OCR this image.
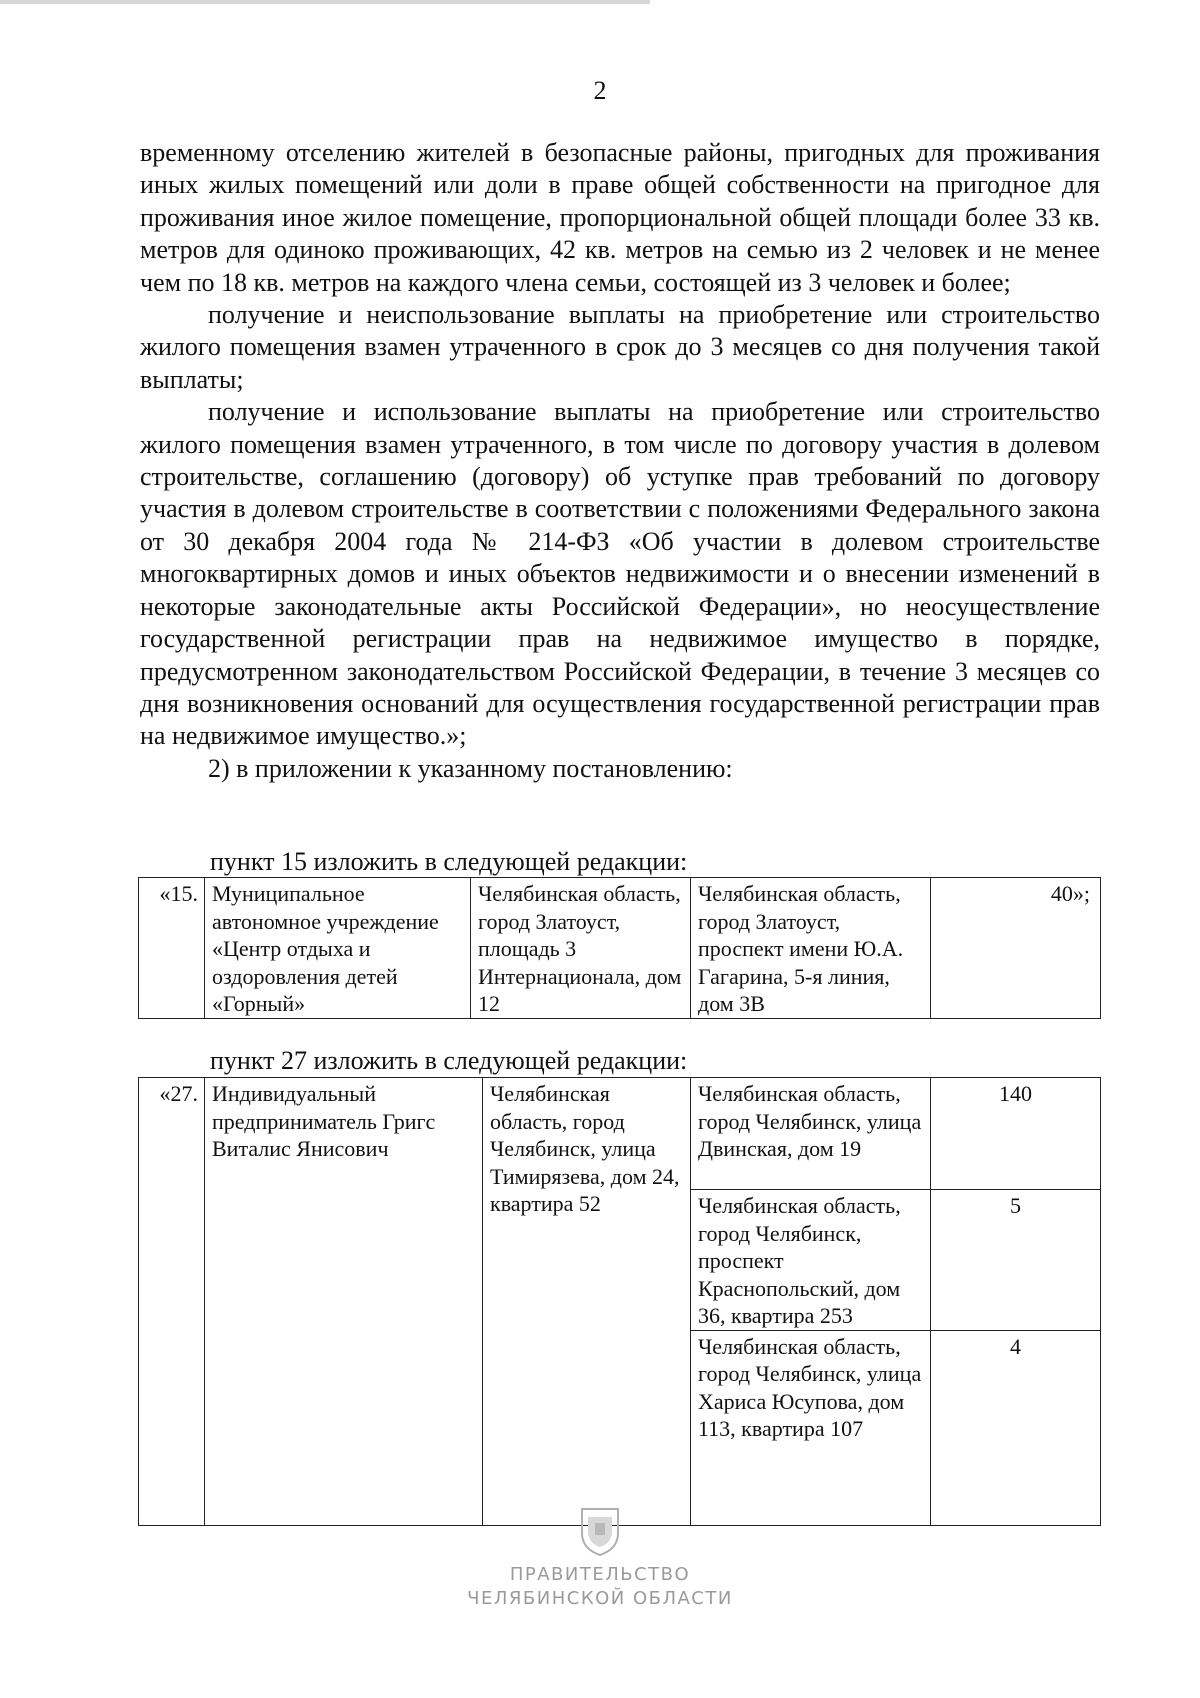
2

временному отселению жителей в безопасные районы, пригодных для проживания иных жилых помещений или доли в праве общей собственности на пригодное для проживания иное жилое помещение, пропорциональной общей площади более 33 кв. метров для одиноко проживающих, 42 кв. метров на семью из 2 человек и не менее чем по 18 кв. метров на каждого члена семьи, состоящей из 3 человек и более;

получение и неиспользование выплаты на приобретение или строительство жилого помещения взамен утраченного в срок до 3 месяцев со дня получения такой выплаты;

получение и использование выплаты на приобретение или строительство жилого помещения взамен утраченного, в том числе по договору участия в долевом строительстве, соглашению (договору) об уступке прав требований по договору участия в долевом строительстве в соответствии с положениями Федерального закона от 30 декабря 2004 года № 214-ФЗ «Об участии в долевом строительстве многоквартирных домов и иных объектов недвижимости и о внесении изменений в некоторые законодательные акты Российской Федерации», но неосуществление государственной регистрации прав на недвижимое имущество в порядке, предусмотренном законодательством Российской Федерации, в течение 3 месяцев со дня возникновения оснований для осуществления государственной регистрации прав на недвижимое имущество.»;

2) в приложении к указанному постановлению:

пункт 15 изложить в следующей редакции:
«15.	Муниципальное автономное учреждение «Центр отдыха и оздоровления детей «Горный»	Челябинская область, город Златоуст, площадь 3 Интернационала, дом 12	Челябинская область, город Златоуст, проспект имени Ю.А. Гагарина, 5-я линия, дом 3В	40»;
пункт 27 изложить в следующей редакции:
«27.	Индивидуальный предприниматель Григс Виталис Янисович	Челябинская область, город Челябинск, улица Тимирязева, дом 24, квартира 52	Челябинская область, город Челябинск, улица Двинская, дом 19	140
			Челябинская область, город Челябинск, проспект Краснопольский, дом 36, квартира 253	5
			Челябинская область, город Челябинск, улица Хариса Юсупова, дом 113, квартира 107	4
ПРАВИТЕЛЬСТВО
ЧЕЛЯБИНСКОЙ ОБЛАСТИ
